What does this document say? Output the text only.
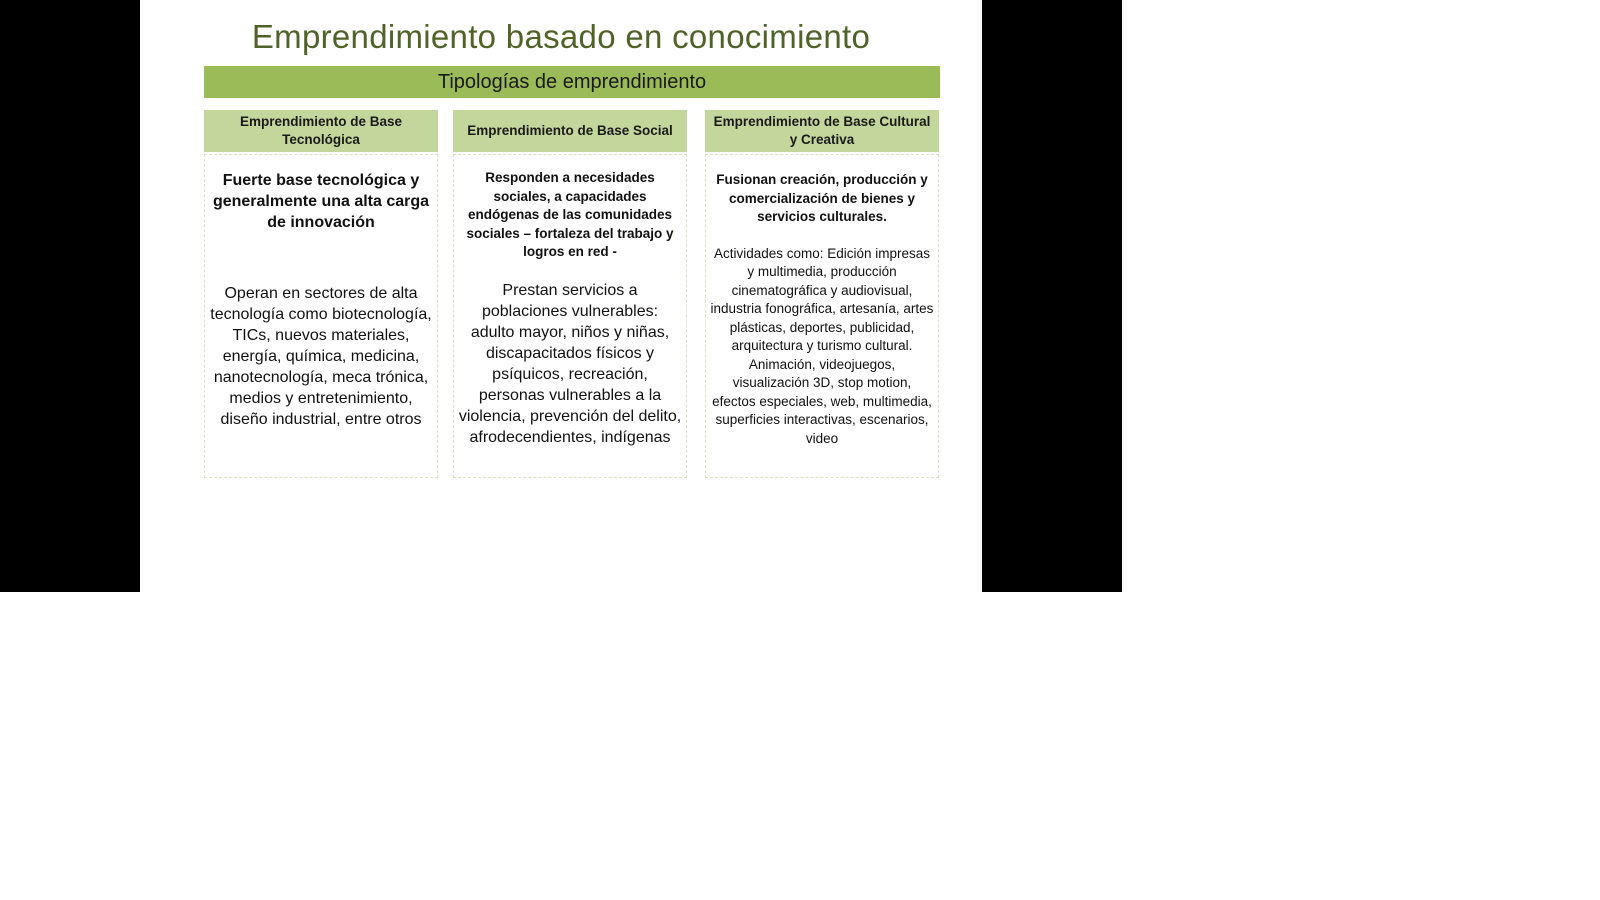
Emprendimiento basado en conocimiento
Tipologías de emprendimiento
Emprendimiento de Base Tecnológica
Fuerte base tecnológica y generalmente una alta carga de innovación
Operan en sectores de alta tecnología como biotecnología, TICs, nuevos materiales, energía, química, medicina, nanotecnología, meca trónica, medios y entretenimiento, diseño industrial, entre otros
Emprendimiento de Base Social
Responden a necesidades sociales, a capacidades endógenas de las comunidades sociales – fortaleza del trabajo y logros en red -
Prestan servicios a poblaciones vulnerables: adulto mayor, niños y niñas, discapacitados físicos y psíquicos, recreación, personas vulnerables a la violencia, prevención del delito, afrodecendientes, indígenas
Emprendimiento de Base Cultural y Creativa
Fusionan creación, producción y comercialización de bienes y servicios culturales.
Actividades como: Edición impresas y multimedia, producción cinematográfica y audiovisual, industria fonográfica, artesanía, artes plásticas, deportes, publicidad, arquitectura y turismo cultural. Animación, videojuegos, visualización 3D, stop motion, efectos especiales, web, multimedia, superficies interactivas, escenarios, video
